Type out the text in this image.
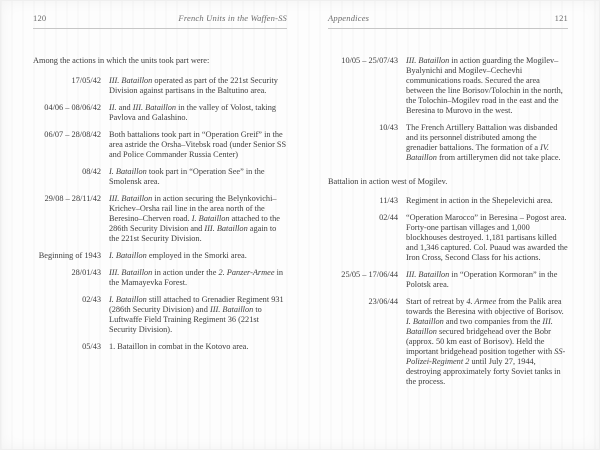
120	French Units in the Waffen-SS

Among the actions in which the units took part were:

17/05/42 III. Bataillon operated as part of the 221st Security Division against partisans in the Baltutino area.
04/06 – 08/06/42 II. and III. Bataillon in the valley of Volost, taking Pavlova and Galashino.
06/07 – 28/08/42 Both battalions took part in “Operation Greif” in the area astride the Orsha–Vitebsk road (under Senior SS and Police Commander Russia Center)
08/42 I. Bataillon took part in “Operation See” in the Smolensk area.
29/08 – 28/11/42 III. Bataillon in action securing the Belynkovichi–Krichev–Orsha rail line in the area north of the Beresino–Cherven road. I. Bataillon attached to the 286th Security Division and III. Bataillon again to the 221st Security Division.
Beginning of 1943 I. Bataillon employed in the Smorki area.
28/01/43 III. Bataillon in action under the 2. Panzer-Armee in the Mamayevka Forest.
02/43 I. Bataillon still attached to Grenadier Regiment 931 (286th Security Division) and III. Bataillon to Luftwaffe Field Training Regiment 36 (221st Security Division).
05/43 1. Bataillon in combat in the Kotovo area.
Appendices	121
10/05 – 25/07/43 III. Bataillon in action guarding the Mogilev–Byalynichi and Mogilev–Cechevhi communications roads. Secured the area between the line Borisov/Tolochin in the north, the Tolochin–Mogilev road in the east and the Beresina to Murovo in the west.
10/43 The French Artillery Battalion was disbanded and its personnel distributed among the grenadier battalions. The formation of a IV. Bataillon from artillerymen did not take place.

Battalion in action west of Mogilev.

11/43 Regiment in action in the Shepelevichi area.
02/44 “Operation Marocco” in Beresina – Pogost area. Forty-one partisan villages and 1,000 blockhouses destroyed. 1,181 partisans killed and 1,346 captured. Col. Puaud was awarded the Iron Cross, Second Class for his actions.
25/05 – 17/06/44 III. Bataillon in “Operation Kormoran” in the Polotsk area.
23/06/44 Start of retreat by 4. Armee from the Palik area towards the Beresina with objective of Borisov. I. Bataillon and two companies from the III. Bataillon secured bridgehead over the Bobr (approx. 50 km east of Borisov). Held the important bridgehead position together with SS-Polizei-Regiment 2 until July 27, 1944, destroying approximately forty Soviet tanks in the process.
